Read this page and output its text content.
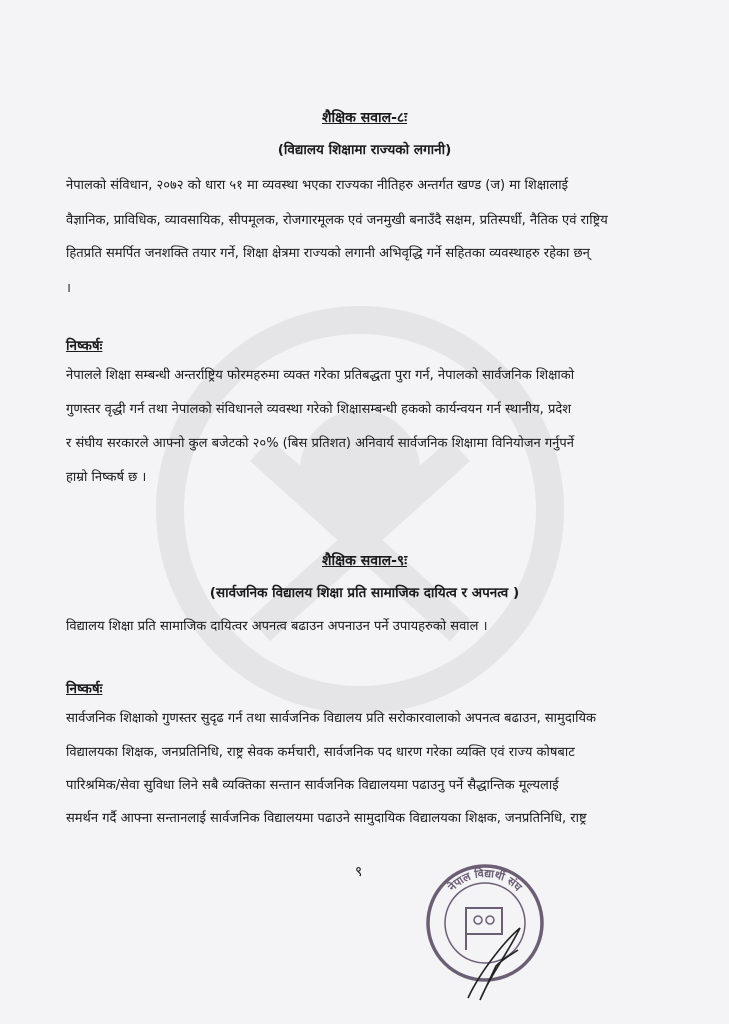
शैक्षिक सवाल-८ः
(विद्यालय शिक्षामा राज्यको लगानी)
नेपालको संविधान, २०७२ को धारा ५१ मा व्यवस्था भएका राज्यका नीतिहरु अन्तर्गत खण्ड (ज) मा शिक्षालाई
वैज्ञानिक, प्राविधिक, व्यावसायिक, सीपमूलक, रोजगारमूलक एवं जनमुखी बनाउँदै सक्षम, प्रतिस्पर्धी, नैतिक एवं राष्ट्रिय
हितप्रति समर्पित जनशक्ति तयार गर्ने, शिक्षा क्षेत्रमा राज्यको लगानी अभिवृद्धि गर्ने सहितका व्यवस्थाहरु रहेका छन्
।
निष्कर्षः
नेपालले शिक्षा सम्बन्धी अन्तर्राष्ट्रिय फोरमहरुमा व्यक्त गरेका प्रतिबद्धता पुरा गर्न, नेपालको सार्वजनिक शिक्षाको
गुणस्तर वृद्धी गर्न तथा नेपालको संविधानले व्यवस्था गरेको शिक्षासम्बन्धी हकको कार्यन्वयन गर्न स्थानीय, प्रदेश
र संघीय सरकारले आफ्नो कुल बजेटको २०% (बिस प्रतिशत) अनिवार्य सार्वजनिक शिक्षामा विनियोजन गर्नुपर्ने
हाम्रो निष्कर्ष छ ।
शैक्षिक सवाल-९ः
(सार्वजनिक विद्यालय शिक्षा प्रति सामाजिक दायित्व र अपनत्व )
विद्यालय शिक्षा प्रति सामाजिक दायित्वर अपनत्व बढाउन अपनाउन पर्ने उपायहरुको सवाल ।
निष्कर्षः
सार्वजनिक शिक्षाको गुणस्तर सुदृढ गर्न तथा सार्वजनिक विद्यालय प्रति सरोकारवालाको अपनत्व बढाउन, सामुदायिक
विद्यालयका शिक्षक, जनप्रतिनिधि, राष्ट्र सेवक कर्मचारी, सार्वजनिक पद धारण गरेका व्यक्ति एवं राज्य कोषबाट
पारिश्रमिक/सेवा सुविधा लिने सबै व्यक्तिका सन्तान सार्वजनिक विद्यालयमा पढाउनु पर्ने सैद्धान्तिक मूल्यलाई
समर्थन गर्दै आफ्ना सन्तानलाई सार्वजनिक विद्यालयमा पढाउने सामुदायिक विद्यालयका शिक्षक, जनप्रतिनिधि, राष्ट्र
९
नेपाल विद्यार्थी संघ
